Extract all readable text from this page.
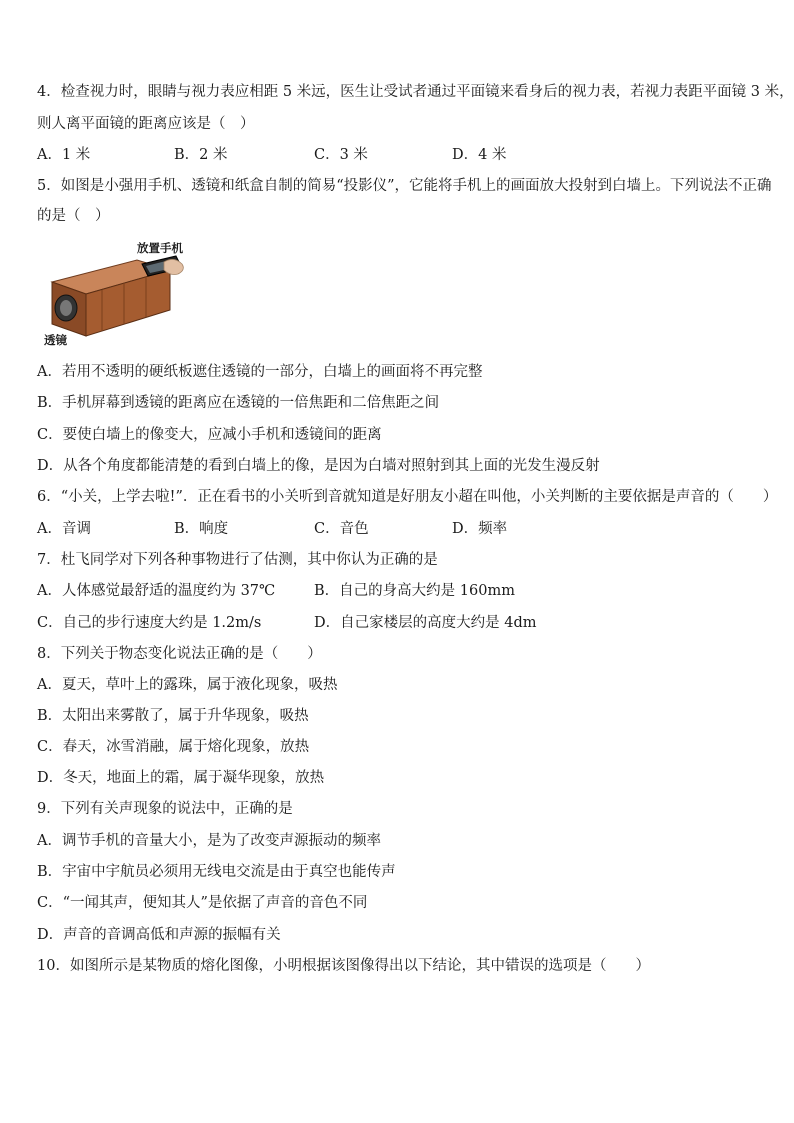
4．检查视力时，眼睛与视力表应相距 5 米远，医生让受试者通过平面镜来看身后的视力表，若视力表距平面镜 3 米，
则人离平面镜的距离应该是（　）
A．1 米	B．2 米	C．3 米	D．4 米
5．如图是小强用手机、透镜和纸盒自制的简易“投影仪”，它能将手机上的画面放大投射到白墙上。下列说法不正确
的是（　）
放置手机
透镜
A．若用不透明的硬纸板遮住透镜的一部分，白墙上的画面将不再完整
B．手机屏幕到透镜的距离应在透镜的一倍焦距和二倍焦距之间
C．要使白墙上的像变大，应减小手机和透镜间的距离
D．从各个角度都能清楚的看到白墙上的像，是因为白墙对照射到其上面的光发生漫反射
6．“小关，上学去啦!”．正在看书的小关听到音就知道是好朋友小超在叫他，小关判断的主要依据是声音的（　　）
A．音调	B．响度	C．音色	D．频率
7．杜飞同学对下列各种事物进行了估测，其中你认为正确的是
A．人体感觉最舒适的温度约为 37℃	B．自己的身高大约是 160mm
C．自己的步行速度大约是 1.2m/s	D．自己家楼层的高度大约是 4dm
8．下列关于物态变化说法正确的是（　　）
A．夏天，草叶上的露珠，属于液化现象，吸热
B．太阳出来雾散了，属于升华现象，吸热
C．春天，冰雪消融，属于熔化现象，放热
D．冬天，地面上的霜，属于凝华现象，放热
9．下列有关声现象的说法中，正确的是
A．调节手机的音量大小，是为了改变声源振动的频率
B．宇宙中宇航员必须用无线电交流是由于真空也能传声
C．“一闻其声，便知其人”是依据了声音的音色不同
D．声音的音调高低和声源的振幅有关
10．如图所示是某物质的熔化图像，小明根据该图像得出以下结论，其中错误的选项是（　　）
